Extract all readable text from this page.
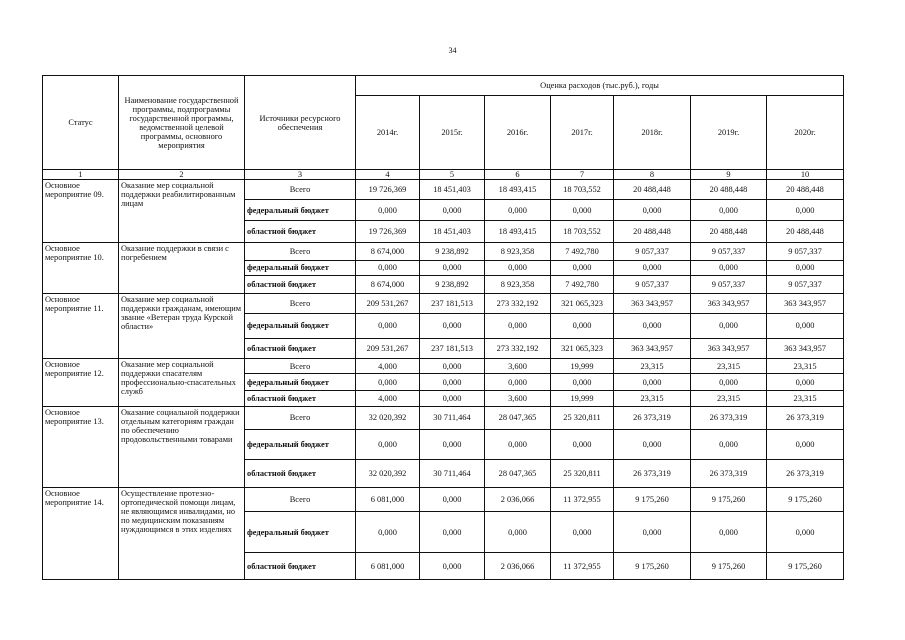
34
Статус	Наименование государственной программы, подпрограммы государственной программы, ведомственной целевой программы, основного мероприятия	Источники ресурсного обеспечения	Оценка расходов (тыс.руб.), годы						
			2014г.	2015г.	2016г.	2017г.	2018г.	2019г.	2020г.
1	2	3	4	5	6	7	8	9	10
Основное мероприятие 09.	Оказание мер социальной поддержки реабилитированным лицам	Всего	19 726,369	18 451,403	18 493,415	18 703,552	20 488,448	20 488,448	20 488,448
		федеральный бюджет	0,000	0,000	0,000	0,000	0,000	0,000	0,000
		областной бюджет	19 726,369	18 451,403	18 493,415	18 703,552	20 488,448	20 488,448	20 488,448
Основное мероприятие 10.	Оказание поддержки в связи с погребением	Всего	8 674,000	9 238,892	8 923,358	7 492,780	9 057,337	9 057,337	9 057,337
		федеральный бюджет	0,000	0,000	0,000	0,000	0,000	0,000	0,000
		областной бюджет	8 674,000	9 238,892	8 923,358	7 492,780	9 057,337	9 057,337	9 057,337
Основное мероприятие 11.	Оказание мер социальной поддержки гражданам, имеющим звание «Ветеран труда Курской области»	Всего	209 531,267	237 181,513	273 332,192	321 065,323	363 343,957	363 343,957	363 343,957
		федеральный бюджет	0,000	0,000	0,000	0,000	0,000	0,000	0,000
		областной бюджет	209 531,267	237 181,513	273 332,192	321 065,323	363 343,957	363 343,957	363 343,957
Основное мероприятие 12.	Оказание мер социальной поддержки спасателям профессионально-спасательных служб	Всего	4,000	0,000	3,600	19,999	23,315	23,315	23,315
		федеральный бюджет	0,000	0,000	0,000	0,000	0,000	0,000	0,000
		областной бюджет	4,000	0,000	3,600	19,999	23,315	23,315	23,315
Основное мероприятие 13.	Оказание социальной поддержки отдельным категориям граждан по обеспечению продовольственными товарами	Всего	32 020,392	30 711,464	28 047,365	25 320,811	26 373,319	26 373,319	26 373,319
		федеральный бюджет	0,000	0,000	0,000	0,000	0,000	0,000	0,000
		областной бюджет	32 020,392	30 711,464	28 047,365	25 320,811	26 373,319	26 373,319	26 373,319
Основное мероприятие 14.	Осуществление протезно-ортопедической помощи лицам, не являющимся инвалидами, но по медицинским показаниям нуждающимся в этих изделиях	Всего	6 081,000	0,000	2 036,066	11 372,955	9 175,260	9 175,260	9 175,260
		федеральный бюджет	0,000	0,000	0,000	0,000	0,000	0,000	0,000
		областной бюджет	6 081,000	0,000	2 036,066	11 372,955	9 175,260	9 175,260	9 175,260
